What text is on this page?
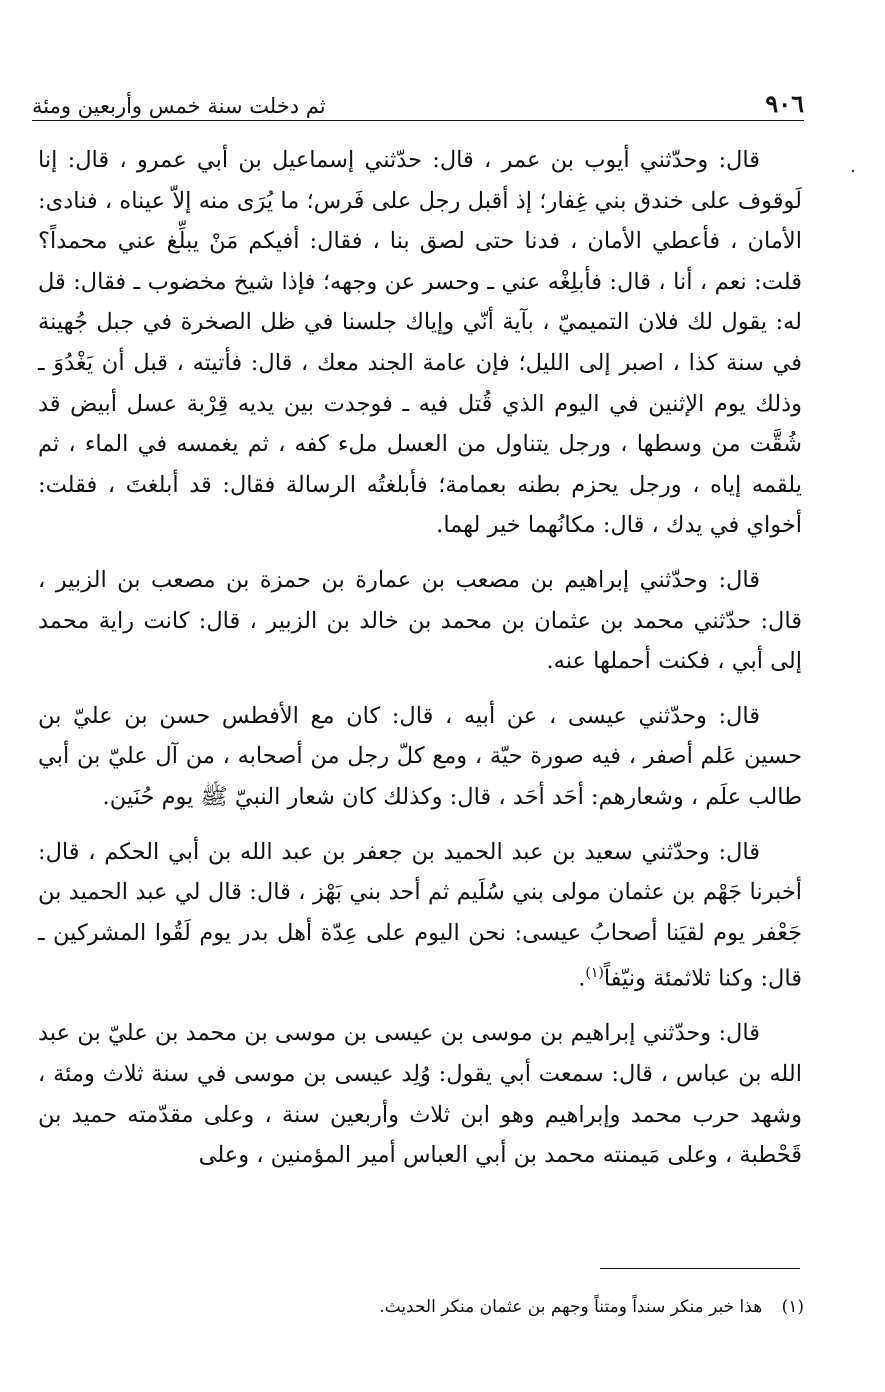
٩٠٦
ثم دخلت سنة خمس وأربعين ومئة
٠

قال: وحدّثني أيوب بن عمر ، قال: حدّثني إسماعيل بن أبي عمرو ، قال: إنا لَوقوف على خندق بني غِفار؛ إذ أقبل رجل على فَرس؛ ما يُرَى منه إلاّ عيناه ، فنادى: الأمان ، فأعطي الأمان ، فدنا حتى لصق بنا ، فقال: أفيكم مَنْ يبلِّغ عني محمداً؟ قلت: نعم ، أنا ، قال: فأبلِغْه عني ـ وحسر عن وجهه؛ فإذا شيخ مخضوب ـ فقال: قل له: يقول لك فلان التميميّ ، بآية أنّي وإياك جلسنا في ظل الصخرة في جبل جُهينة في سنة كذا ، اصبر إلى الليل؛ فإن عامة الجند معك ، قال: فأتيته ، قبل أن يَغْدُوَ ـ وذلك يوم الإثنين في اليوم الذي قُتل فيه ـ فوجدت بين يديه قِرْبة عسل أبيض قد شُقَّت من وسطها ، ورجل يتناول من العسل ملء كفه ، ثم يغمسه في الماء ، ثم يلقمه إياه ، ورجل يحزم بطنه بعمامة؛ فأبلغتُه الرسالة فقال: قد أبلغتَ ، فقلت: أخواي في يدك ، قال: مكانُهما خير لهما.

قال: وحدّثني إبراهيم بن مصعب بن عمارة بن حمزة بن مصعب بن الزبير ، قال: حدّثني محمد بن عثمان بن محمد بن خالد بن الزبير ، قال: كانت راية محمد إلى أبي ، فكنت أحملها عنه.

قال: وحدّثني عيسى ، عن أبيه ، قال: كان مع الأفطس حسن بن عليّ بن حسين عَلم أصفر ، فيه صورة حيّة ، ومع كلّ رجل من أصحابه ، من آل عليّ بن أبي طالب علَم ، وشعارهم: أحَد أحَد ، قال: وكذلك كان شعار النبيّ ﷺ يوم حُنَين.

قال: وحدّثني سعيد بن عبد الحميد بن جعفر بن عبد الله بن أبي الحكم ، قال: أخبرنا جَهْم بن عثمان مولى بني سُلَيم ثم أحد بني بَهْز ، قال: قال لي عبد الحميد بن جَعْفر يوم لقيَنا أصحابُ عيسى: نحن اليوم على عِدّة أهل بدر يوم لَقُوا المشركين ـ قال: وكنا ثلاثمئة ونيّفاً$^{(١)}$.

قال: وحدّثني إبراهيم بن موسى بن عيسى بن موسى بن محمد بن عليّ بن عبد الله بن عباس ، قال: سمعت أبي يقول: وُلِد عيسى بن موسى في سنة ثلاث ومئة ، وشهد حرب محمد وإبراهيم وهو ابن ثلاث وأربعين سنة ، وعلى مقدّمته حميد بن قَحْطبة ، وعلى مَيمنته محمد بن أبي العباس أمير المؤمنين ، وعلى

(١) هذا خبر منكر سنداً ومتناً وجهم بن عثمان منكر الحديث.
